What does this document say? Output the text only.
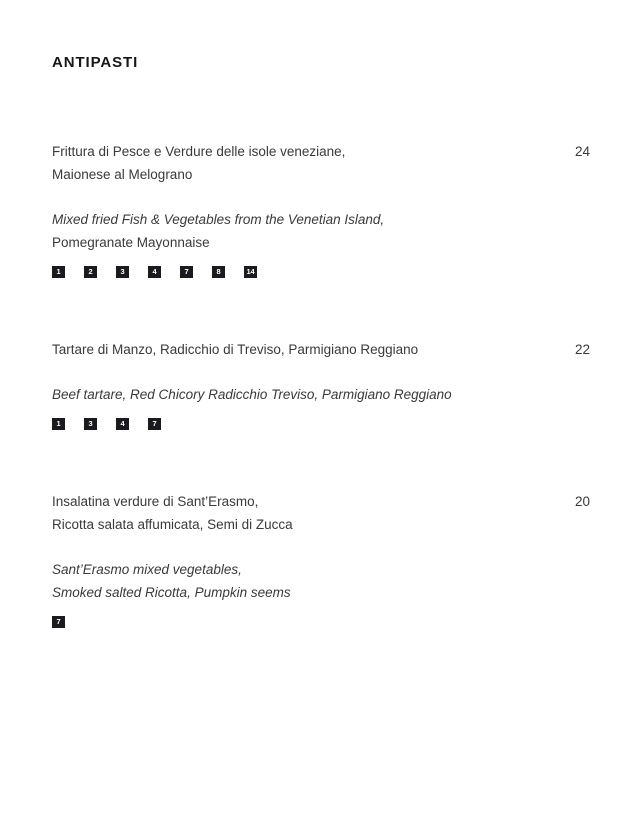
ANTIPASTI
Frittura di Pesce e Verdure delle isole veneziane,
Maionese al Melograno
24
Mixed fried Fish & Vegetables from the Venetian Island,
Pomegranate Mayonnaise
1	2	3	4	7	8	14
Tartare di Manzo, Radicchio di Treviso, Parmigiano Reggiano	22
Beef tartare, Red Chicory Radicchio Treviso, Parmigiano Reggiano
1	3	4	7
Insalatina verdure di Sant’Erasmo,
Ricotta salata affumicata, Semi di Zucca
20
Sant’Erasmo mixed vegetables,
Smoked salted Ricotta, Pumpkin seems
7
